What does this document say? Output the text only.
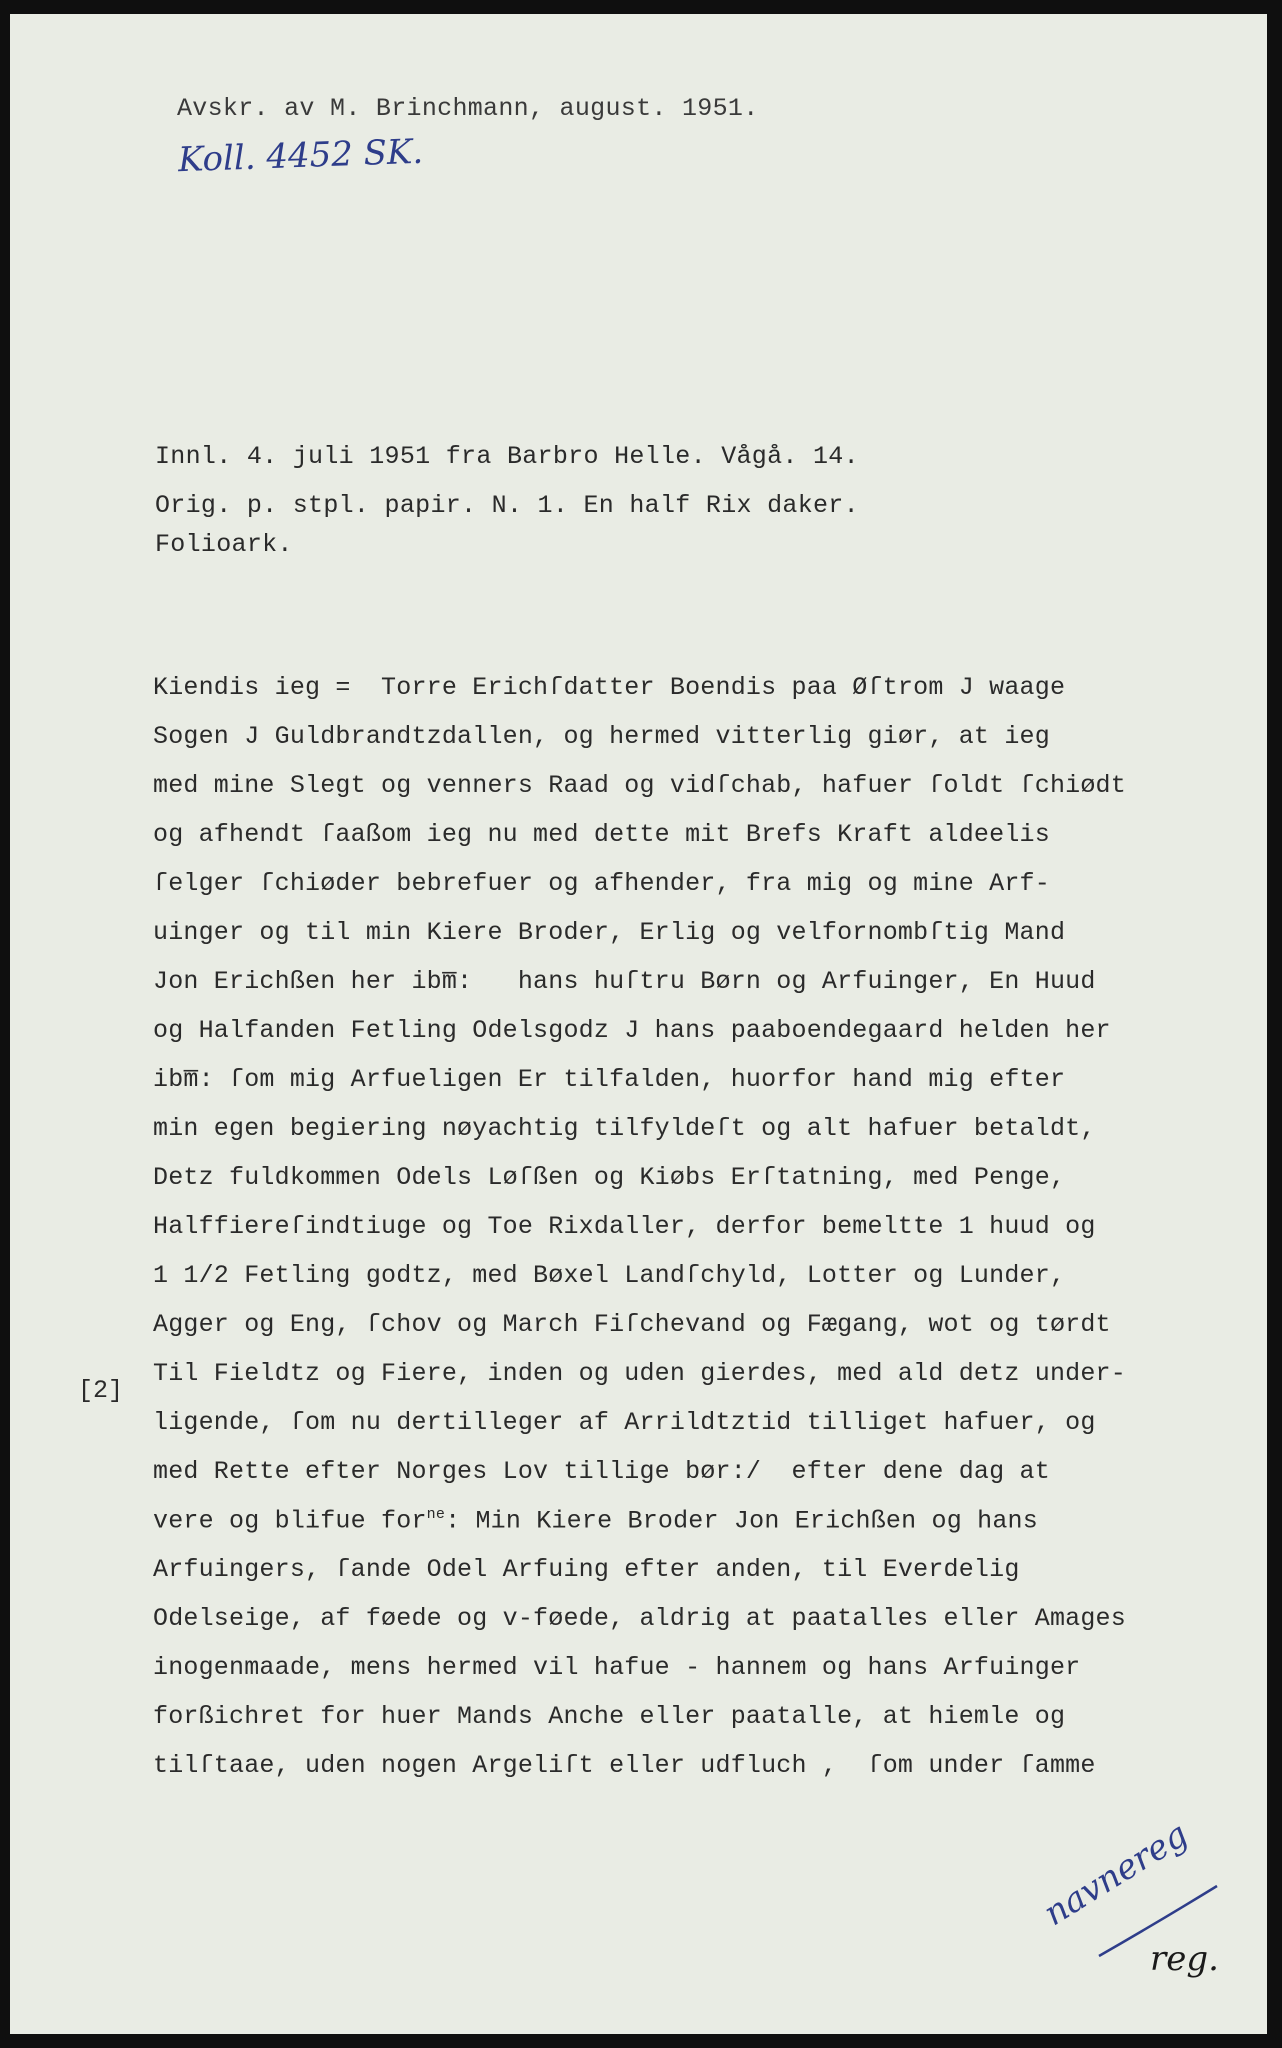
Avskr. av M. Brinchmann, august. 1951.
Koll. 4452 SK.
Innl. 4. juli 1951 fra Barbro Helle. Vågå. 14.
Orig. p. stpl. papir. N. 1. En half Rix daker.
Folioark.
[2]
Kiendis ieg =  Torre Erichſdatter Boendis paa Øſtrom J waage
Sogen J Guldbrandtzdallen, og hermed vitterlig giør, at ieg
med mine Slegt og venners Raad og vidſchab, hafuer ſoldt ſchiødt
og afhendt ſaaßom ieg nu med dette mit Brefs Kraft aldeelis
ſelger ſchiøder bebrefuer og afhender, fra mig og mine Arf-
uinger og til min Kiere Broder, Erlig og velfornombſtig Mand
Jon Erichßen her ibm̅:   hans huſtru Børn og Arfuinger, En Huud
og Halfanden Fetling Odelsgodz J hans paaboendegaard helden her
ibm̅: ſom mig Arfueligen Er tilfalden, huorfor hand mig efter
min egen begiering nøyachtig tilfyldeſt og alt hafuer betaldt,
Detz fuldkommen Odels Løſßen og Kiøbs Erſtatning, med Penge,
Halffiereſindtiuge og Toe Rixdaller, derfor bemeltte 1 huud og
1 1/2 Fetling godtz, med Bøxel Landſchyld, Lotter og Lunder,
Agger og Eng, ſchov og March Fiſchevand og Fægang, wot og tørdt
Til Fieldtz og Fiere, inden og uden gierdes, med ald detz under-
ligende, ſom nu dertilleger af Arrildtztid tilliget hafuer, og
med Rette efter Norges Lov tillige bør:/  efter dene dag at
vere og blifue for$^{ne}$: Min Kiere Broder Jon Erichßen og hans
Arfuingers, ſande Odel Arfuing efter anden, til Everdelig
Odelseige, af føede og v-føede, aldrig at paatalles eller Amages
inogenmaade, mens hermed vil hafue - hannem og hans Arfuinger
forßichret for huer Mands Anche eller paatalle, at hiemle og
tilſtaae, uden nogen Argeliſt eller udfluch ,  ſom under ſamme
navnereg
reg.
